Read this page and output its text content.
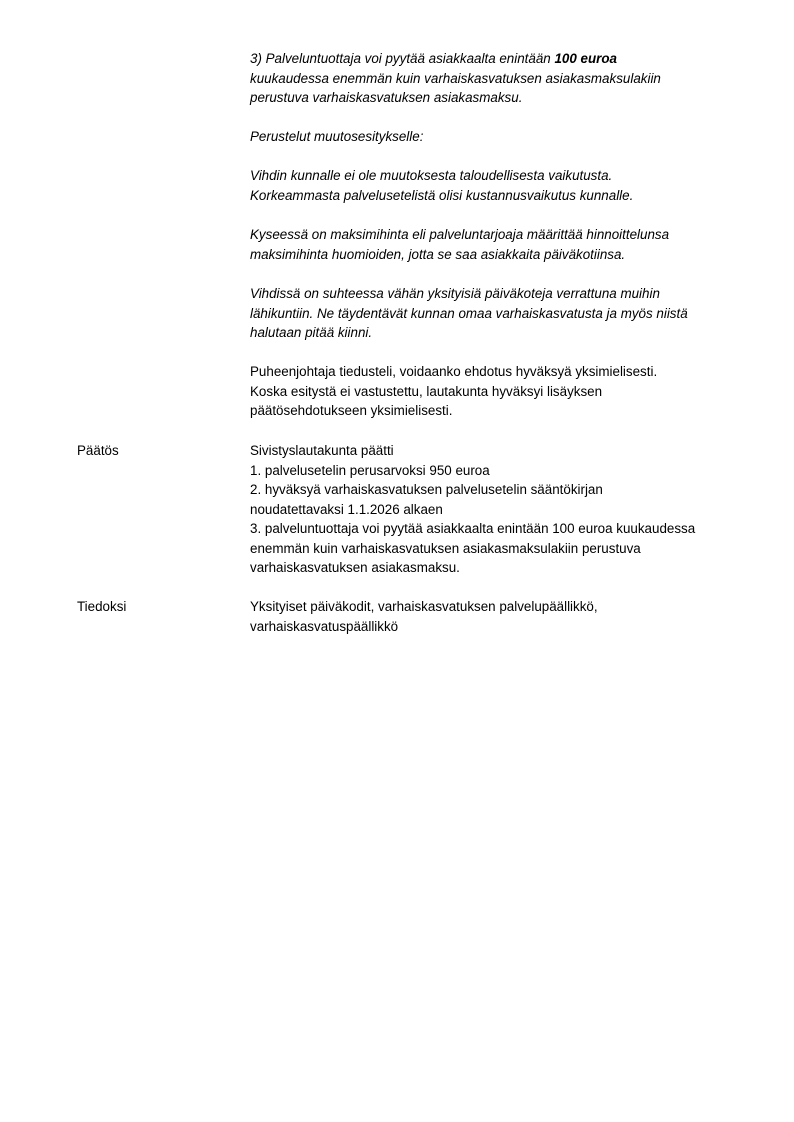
3) Palveluntuottaja voi pyytää asiakkaalta enintään 100 euroa
kuukaudessa enemmän kuin varhaiskasvatuksen asiakasmaksulakiin
perustuva varhaiskasvatuksen asiakasmaksu.
Perustelut muutosesitykselle:
Vihdin kunnalle ei ole muutoksesta taloudellisesta vaikutusta.
Korkeammasta palvelusetelistä olisi kustannusvaikutus kunnalle.
Kyseessä on maksimihinta eli palveluntarjoaja määrittää hinnoittelunsa
maksimihinta huomioiden, jotta se saa asiakkaita päiväkotiinsa.
Vihdissä on suhteessa vähän yksityisiä päiväkoteja verrattuna muihin
lähikuntiin. Ne täydentävät kunnan omaa varhaiskasvatusta ja myös niistä
halutaan pitää kiinni.
Puheenjohtaja tiedusteli, voidaanko ehdotus hyväksyä yksimielisesti.
Koska esitystä ei vastustettu, lautakunta hyväksyi lisäyksen
päätösehdotukseen yksimielisesti.
Päätös	Sivistyslautakunta päätti
1. palvelusetelin perusarvoksi 950 euroa
2. hyväksyä varhaiskasvatuksen palvelusetelin sääntökirjan
noudatettavaksi 1.1.2026 alkaen
3. palveluntuottaja voi pyytää asiakkaalta enintään 100 euroa kuukaudessa
enemmän kuin varhaiskasvatuksen asiakasmaksulakiin perustuva
varhaiskasvatuksen asiakasmaksu.
Tiedoksi	Yksityiset päiväkodit, varhaiskasvatuksen palvelupäällikkö,
varhaiskasvatuspäällikkö
